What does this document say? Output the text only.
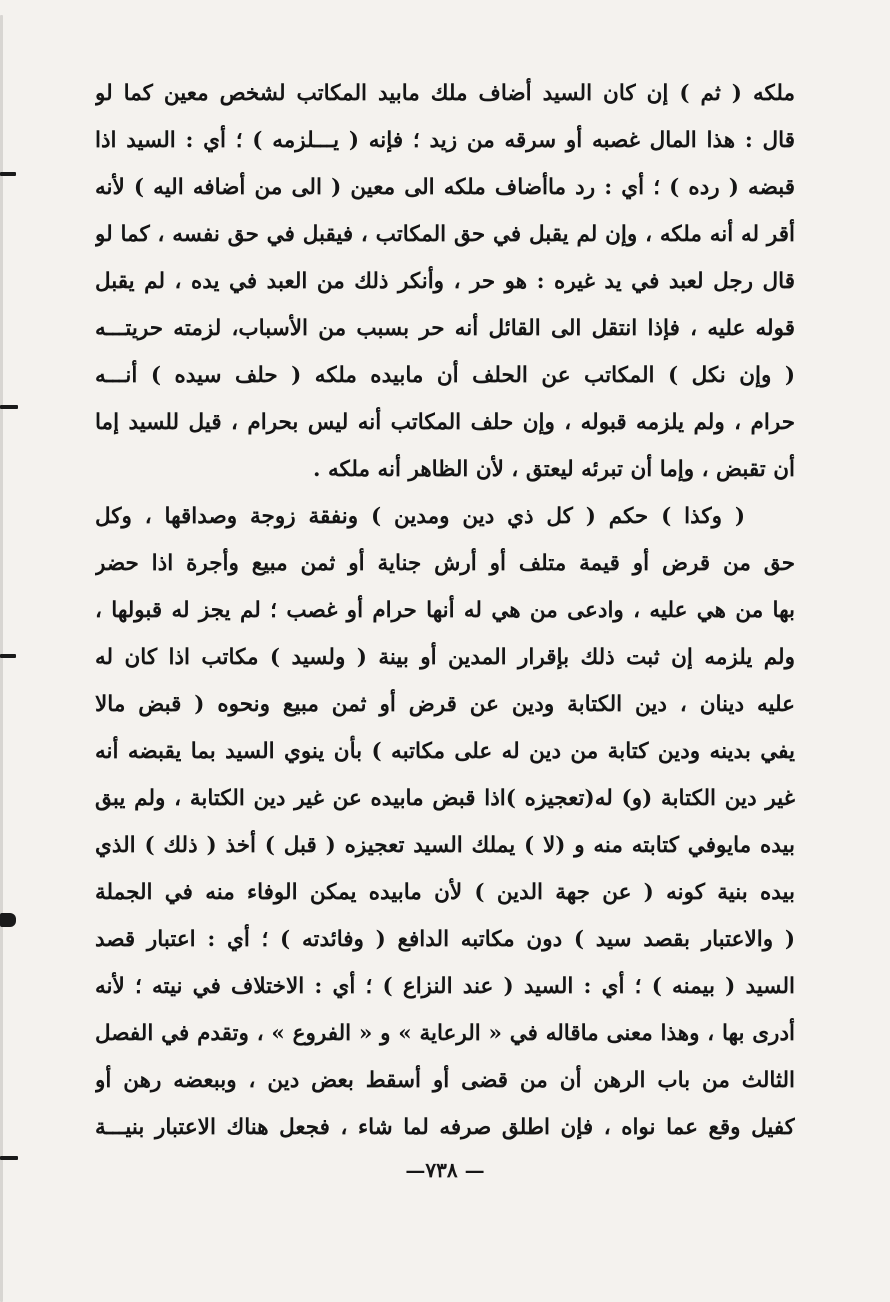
ملكه ( ثم ) إن كان السيد أضاف ملك مابيد المكاتب لشخص معين كما لو
قال : هذا المال غصبه أو سرقه من زيد ؛ فإنه ( يـــلزمه ) ؛ أي : السيد اذا
قبضه ( رده ) ؛ أي : رد ماأضاف ملكه الى معين ( الى من أضافه اليه ) لأنه
أقر له أنه ملكه ، وإن لم يقبل في حق المكاتب ، فيقبل في حق نفسه ، كما لو
قال رجل لعبد في يد غيره : هو حر ، وأنكر ذلك من العبد في يده ، لم يقبل
قوله عليه ، فإذا انتقل الى القائل أنه حر بسبب من الأسباب، لزمته حريتـــه
( وإن نكل ) المكاتب عن الحلف أن مابيده ملكه ( حلف سيده ) أنـــه
حرام ، ولم يلزمه قبوله ، وإن حلف المكاتب أنه ليس بحرام ، قيل للسيد إما
أن تقبض ، وإما أن تبرئه ليعتق ، لأن الظاهر أنه ملكه .
( وكذا ) حكم ( كل ذي دين ومدين ) ونفقة زوجة وصداقها ، وكل
حق من قرض أو قيمة متلف أو أرش جناية أو ثمن مبيع وأجرة اذا حضر
بها من هي عليه ، وادعى من هي له أنها حرام أو غصب ؛ لم يجز له قبولها ،
ولم يلزمه إن ثبت ذلك بإقرار المدين أو بينة ( ولسيد ) مكاتب اذا كان له
عليه دينان ، دين الكتابة ودين عن قرض أو ثمن مبيع ونحوه ( قبض مالا
يفي بدينه ودين كتابة من دين له على مكاتبه ) بأن ينوي السيد بما يقبضه أنه
غير دين الكتابة (و) له(تعجيزه )اذا قبض مابيده عن غير دين الكتابة ، ولم يبق
بيده مايوفي كتابته منه و (لا ) يملك السيد تعجيزه ( قبل ) أخذ ( ذلك ) الذي
بيده بنية كونه ( عن جهة الدين ) لأن مابيده يمكن الوفاء منه في الجملة
( والاعتبار بقصد سيد ) دون مكاتبه الدافع ( وفائدته ) ؛ أي : اعتبار قصد
السيد ( بيمنه ) ؛ أي : السيد ( عند النزاع ) ؛ أي : الاختلاف في نيته ؛ لأنه
أدرى بها ، وهذا معنى ماقاله في « الرعاية » و « الفروع » ، وتقدم في الفصل
الثالث من باب الرهن أن من قضى أو أسقط بعض دين ، وببعضه رهن أو
كفيل وقع عما نواه ، فإن اطلق صرفه لما شاء ، فجعل هناك الاعتبار بنيـــة
— ٧٣٨—
